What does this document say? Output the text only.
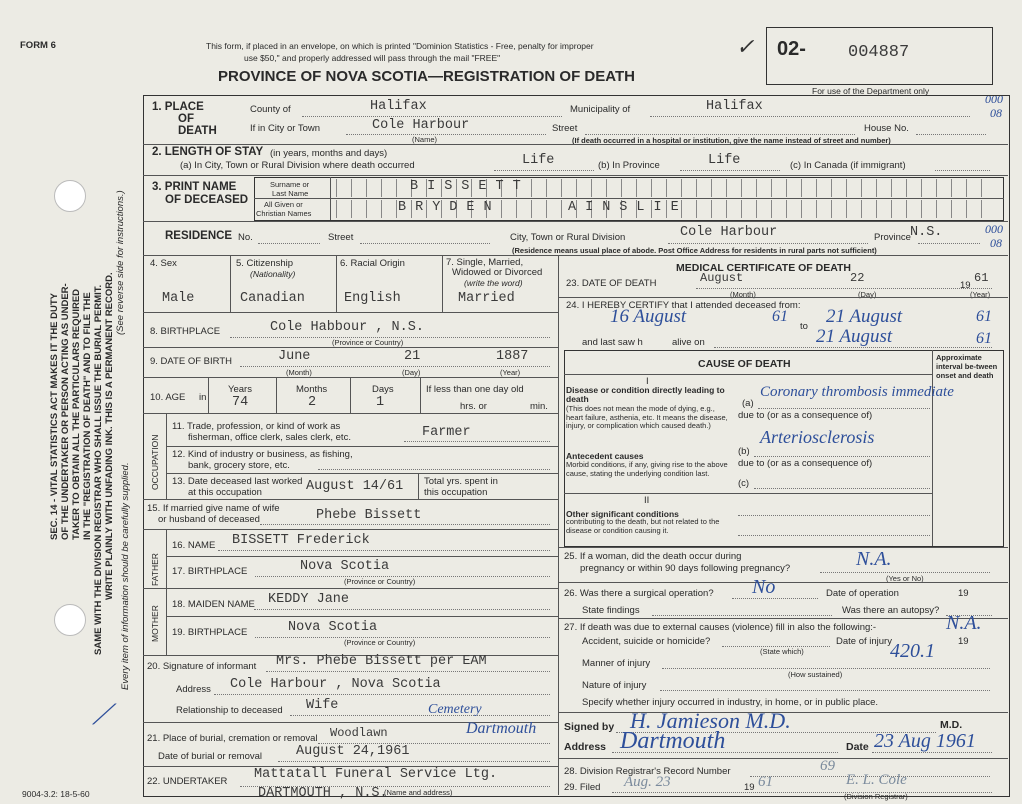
SEC. 14 - VITAL STATISTICS ACT MAKES IT THE DUTY OF THE UNDERTAKER OR PERSON ACTING AS UNDER- TAKER TO OBTAIN ALL THE PARTICULARS REQUIRED IN THE "REGISTRATION OF DEATH" AND TO FILE THE SAME WITH THE DIVISION REGISTRAR WHO SHALL ISSUE THE BURIAL PERMIT. WRITE PLAINLY WITH UNFADING INK. THIS IS A PERMANENT RECORD.
(See reverse side for instructions.)
Every item of information should be carefully supplied.
⟋
FORM 6	This form, if placed in an envelope, on which is printed "Dominion Statistics - Free, penalty for improper
use $50," and properly addressed will pass through the mail "FREE"
PROVINCE OF NOVA SCOTIA—REGISTRATION OF DEATH
✓ 02- 004887
For use of the Department only
000
08
1. PLACE
OF
DEATH
County of	Halifax	Municipality of	Halifax
If in City or Town	Cole Harbour
(Name)
Street	House No.
(If death occurred in a hospital or institution, give the name instead of street and number)
2. LENGTH OF STAY (in years, months and days)
(a) In City, Town or Rural Division where death occurred	Life	(b) In Province	Life	(c) In Canada (if immigrant)
3. PRINT NAME
OF DECEASED
Surname or
Last Name
All Given or
Christian Names
BISSETT
BRYDEN	AINSLIE
RESIDENCE No.	Street	City, Town or Rural Division	Cole Harbour	Province N.S.	000
08
(Residence means usual place of abode. Post Office Address for residents in rural parts not sufficient)
4. Sex
Male
5. Citizenship
(Nationality)
Canadian
6. Racial Origin
English
7. Single, Married,
Widowed or Divorced
(write the word)
Married
8. BIRTHPLACE	Cole Habbour , N.S.
(Province or Country)
9. DATE OF BIRTH	June	21	1887
(Month)	(Day)	(Year)
10. AGE in
Years
74
Months
2
Days
1
If less than one day old
hrs. or	min.
OCCUPATION
11. Trade, profession, or kind of work as
fisherman, office clerk, sales clerk, etc.	Farmer
12. Kind of industry or business, as fishing,
bank, grocery store, etc.
13. Date deceased last worked
at this occupation	August 14/61 Total yrs. spent in
this occupation
15. If married give name of wife
or husband of deceased	Phebe Bissett
FATHER
16. NAME BISSETT Frederick
17. BIRTHPLACE	Nova Scotia
(Province or Country)
MOTHER
18. MAIDEN NAME KEDDY Jane
19. BIRTHPLACE	Nova Scotia
(Province or Country)
20. Signature of informant Mrs. Phebe Bissett per EAM
Address Cole Harbour , Nova Scotia
Relationship to deceased Wife
21. Place of burial, cremation or removal Woodlawn
Cemetery
Dartmouth
Date of burial or removal	August 24,1961
22. UNDERTAKER Mattatall Funeral Service Ltg.
DARTMOUTH , N.S.
(Name and address)
MEDICAL CERTIFICATE OF DEATH
23. DATE OF DEATH	August	22
19
61
(Month)	(Day)	(Year)
24. I HEREBY CERTIFY that I attended deceased from:
16 August	61
to 21 August	61
and last saw h	alive on	21 August	61
CAUSE OF DEATH
Approximate interval be-tween onset and death
I
Disease or condition directly leading to death
(This does not mean the mode of dying, e.g., heart failure, asthenia, etc. It means the disease, injury, or complication which caused death.)
(a)
Coronary thrombosis immediate
due to (or as a consequence of)
Arteriosclerosis
Antecedent causes
Morbid conditions, if any, giving rise to the above cause, stating the underlying condition last.
(b)
due to (or as a consequence of)
(c)
II
Other significant conditions
contributing to the death, but not related to the disease or condition causing it.
25. If a woman, did the death occur during
pregnancy or within 90 days following pregnancy?	N.A.
(Yes or No)
26. Was there a surgical operation? No	Date of operation	19
State findings	Was there an autopsy?
27. If death was due to external causes (violence) fill in also the following:-	N.A.
Accident, suicide or homicide?	Date of injury	19
(State which)	420.1
Manner of injury
(How sustained)
Nature of injury
Specify whether injury occurred in industry, in home, or in public place.
Signed by H. Jamieson M.D.	M.D.
Address Dartmouth	Date 23 Aug 1961
28. Division Registrar's Record Number	69
29. Filed Aug. 23	19 61	E. L. Cole
(Division Registrar)
9004-3.2: 18-5-60
